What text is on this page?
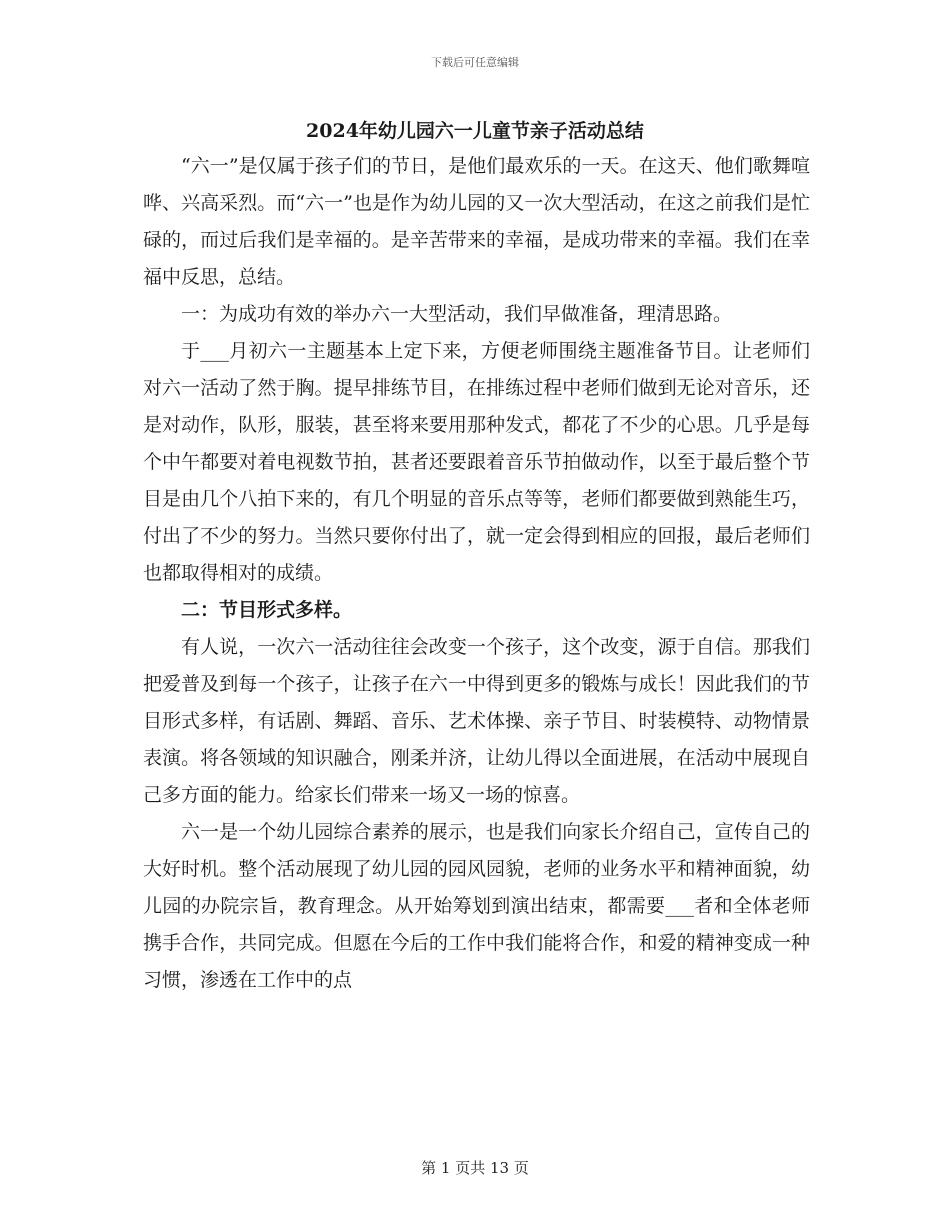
下载后可任意编辑
2024年幼儿园六一儿童节亲子活动总结

“六一”是仅属于孩子们的节日，是他们最欢乐的一天。在这天、他们歌舞喧哗、兴高采烈。而“六一”也是作为幼儿园的又一次大型活动，在这之前我们是忙碌的，而过后我们是幸福的。是辛苦带来的幸福，是成功带来的幸福。我们在幸福中反思，总结。

一：为成功有效的举办六一大型活动，我们早做准备，理清思路。

于___月初六一主题基本上定下来，方便老师围绕主题准备节目。让老师们对六一活动了然于胸。提早排练节目，在排练过程中老师们做到无论对音乐，还是对动作，队形，服装，甚至将来要用那种发式，都花了不少的心思。几乎是每个中午都要对着电视数节拍，甚者还要跟着音乐节拍做动作，以至于最后整个节目是由几个八拍下来的，有几个明显的音乐点等等，老师们都要做到熟能生巧，付出了不少的努力。当然只要你付出了，就一定会得到相应的回报，最后老师们也都取得相对的成绩。

二：节目形式多样。

有人说，一次六一活动往往会改变一个孩子，这个改变，源于自信。那我们把爱普及到每一个孩子，让孩子在六一中得到更多的锻炼与成长！因此我们的节目形式多样，有话剧、舞蹈、音乐、艺术体操、亲子节目、时装模特、动物情景表演。将各领域的知识融合，刚柔并济，让幼儿得以全面进展，在活动中展现自己多方面的能力。给家长们带来一场又一场的惊喜。

六一是一个幼儿园综合素养的展示，也是我们向家长介绍自己，宣传自己的大好时机。整个活动展现了幼儿园的园风园貌，老师的业务水平和精神面貌，幼儿园的办院宗旨，教育理念。从开始筹划到演出结束，都需要___者和全体老师携手合作，共同完成。但愿在今后的工作中我们能将合作，和爱的精神变成一种习惯，渗透在工作中的点

第 1 页共 13 页
